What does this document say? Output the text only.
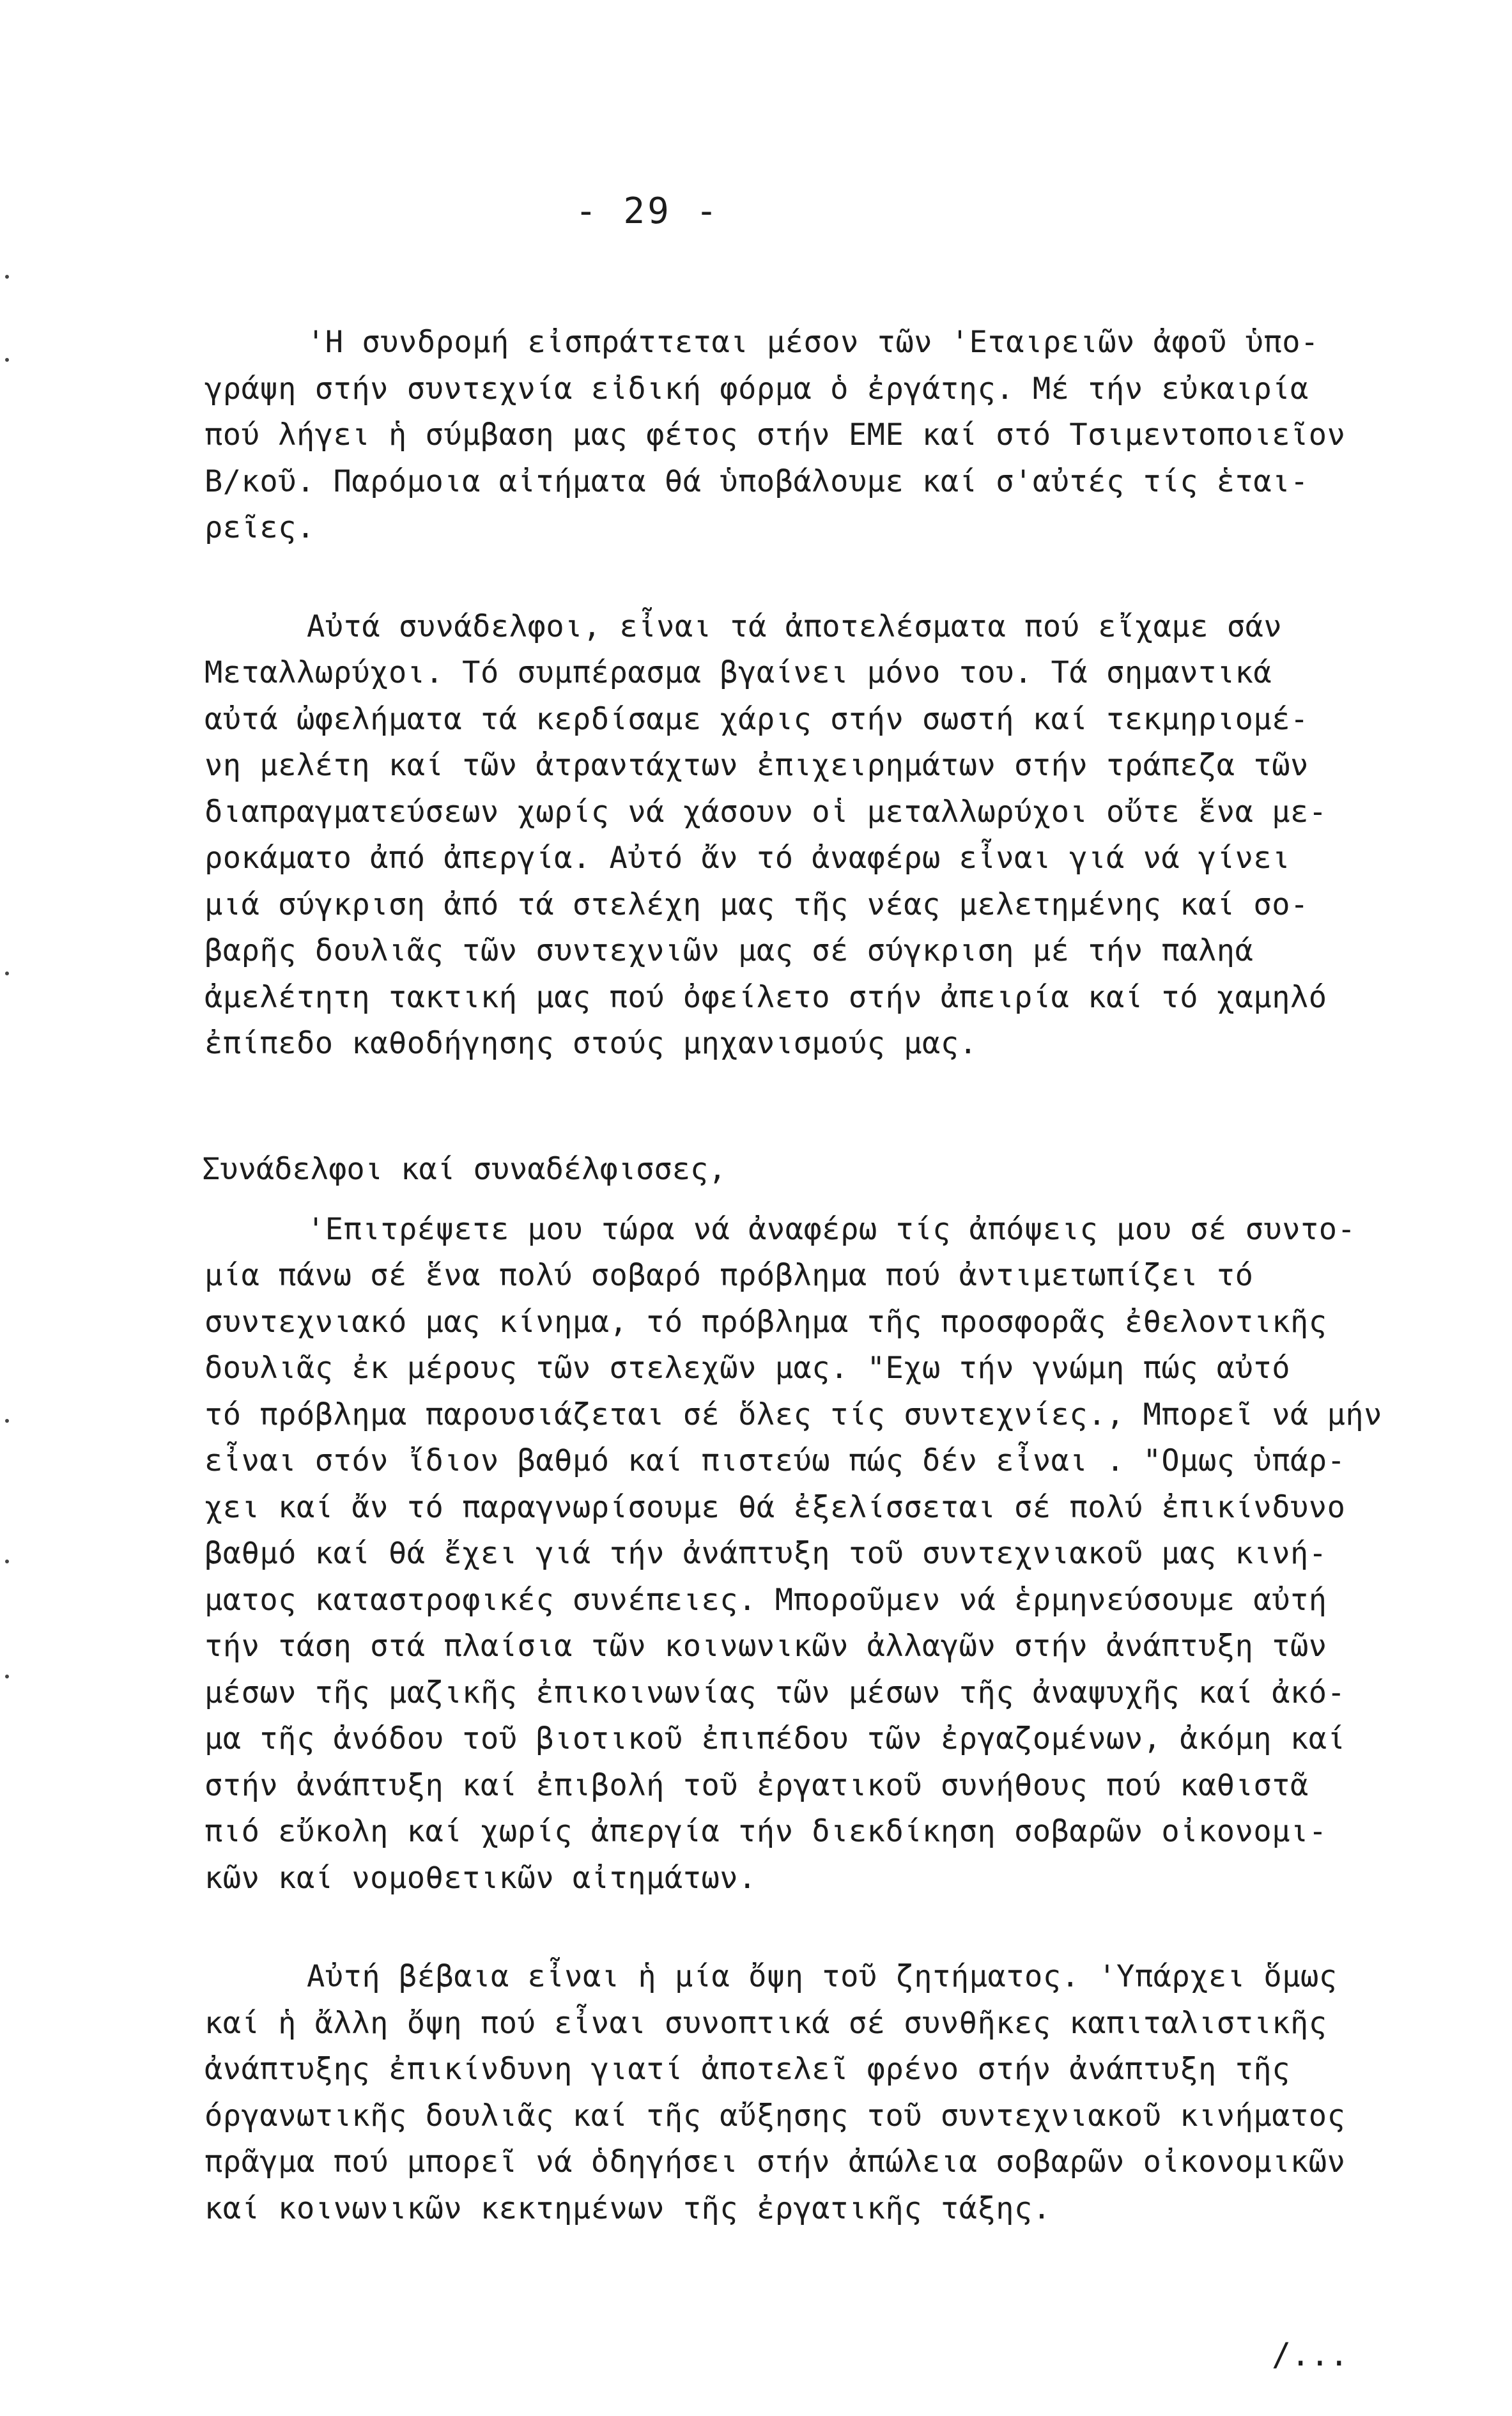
- 29 -
'Η συνδρομή εἰσπράττεται μέσον τῶν 'Εταιρειῶν ἀφοῦ ὑπο-
γράψη στήν συντεχνία εἰδική φόρμα ὁ ἐργάτης. Μέ τήν εὐκαιρία
πού λήγει ἡ σύμβαση μας φέτος στήν ΕΜΕ καί στό Τσιμεντοποιεῖον
Β/κοῦ. Παρόμοια αἰτήματα θά ὑποβάλουμε καί σ'αὐτές τίς ἑται-
ρεῖες.
Αὐτά συνάδελφοι, εἶναι τά ἀποτελέσματα πού εἴχαμε σάν
Μεταλλωρύχοι. Τό συμπέρασμα βγαίνει μόνο του. Τά σημαντικά
αὐτά ὠφελήματα τά κερδίσαμε χάρις στήν σωστή καί τεκμηριομέ-
νη μελέτη καί τῶν ἀτραντάχτων ἐπιχειρημάτων στήν τράπεζα τῶν
διαπραγματεύσεων χωρίς νά χάσουν οἱ μεταλλωρύχοι οὔτε ἕνα με-
ροκάματο ἀπό ἀπεργία. Αὐτό ἄν τό ἀναφέρω εἶναι γιά νά γίνει
μιά σύγκριση ἀπό τά στελέχη μας τῆς νέας μελετημένης καί σο-
βαρῆς δουλιᾶς τῶν συντεχνιῶν μας σέ σύγκριση μέ τήν παληά
ἀμελέτητη τακτική μας πού ὀφείλετο στήν ἀπειρία καί τό χαμηλό
ἐπίπεδο καθοδήγησης στούς μηχανισμούς μας.
Συνάδελφοι καί συναδέλφισσες,
'Επιτρέψετε μου τώρα νά ἀναφέρω τίς ἀπόψεις μου σέ συντο-
μία πάνω σέ ἕνα πολύ σοβαρό πρόβλημα πού ἀντιμετωπίζει τό
συντεχνιακό μας κίνημα, τό πρόβλημα τῆς προσφορᾶς ἐθελοντικῆς
δουλιᾶς ἐκ μέρους τῶν στελεχῶν μας. "Εχω τήν γνώμη πώς αὐτό
τό πρόβλημα παρουσιάζεται σέ ὅλες τίς συντεχνίες., Μπορεῖ νά μήν
εἶναι στόν ἴδιον βαθμό καί πιστεύω πώς δέν εἶναι . "Ομως ὑπάρ-
χει καί ἄν τό παραγνωρίσουμε θά ἐξελίσσεται σέ πολύ ἐπικίνδυνο
βαθμό καί θά ἔχει γιά τήν ἀνάπτυξη τοῦ συντεχνιακοῦ μας κινή-
ματος καταστροφικές συνέπειες. Μποροῦμεν νά ἑρμηνεύσουμε αὐτή
τήν τάση στά πλαίσια τῶν κοινωνικῶν ἀλλαγῶν στήν ἀνάπτυξη τῶν
μέσων τῆς μαζικῆς ἐπικοινωνίας τῶν μέσων τῆς ἀναψυχῆς καί ἀκό-
μα τῆς ἀνόδου τοῦ βιοτικοῦ ἐπιπέδου τῶν ἐργαζομένων, ἀκόμη καί
στήν ἀνάπτυξη καί ἐπιβολή τοῦ ἐργατικοῦ συνήθους πού καθιστᾶ
πιό εὔκολη καί χωρίς ἀπεργία τήν διεκδίκηση σοβαρῶν οἰκονομι-
κῶν καί νομοθετικῶν αἰτημάτων.
Αὐτή βέβαια εἶναι ἡ μία ὄψη τοῦ ζητήματος. 'Υπάρχει ὅμως
καί ἡ ἄλλη ὄψη πού εἶναι συνοπτικά σέ συνθῆκες καπιταλιστικῆς
ἀνάπτυξης ἐπικίνδυνη γιατί ἀποτελεῖ φρένο στήν ἀνάπτυξη τῆς
όργανωτικῆς δουλιᾶς καί τῆς αὔξησης τοῦ συντεχνιακοῦ κινήματος
πρᾶγμα πού μπορεῖ νά ὁδηγήσει στήν ἀπώλεια σοβαρῶν οἰκονομικῶν
καί κοινωνικῶν κεκτημένων τῆς ἐργατικῆς τάξης.
/...
